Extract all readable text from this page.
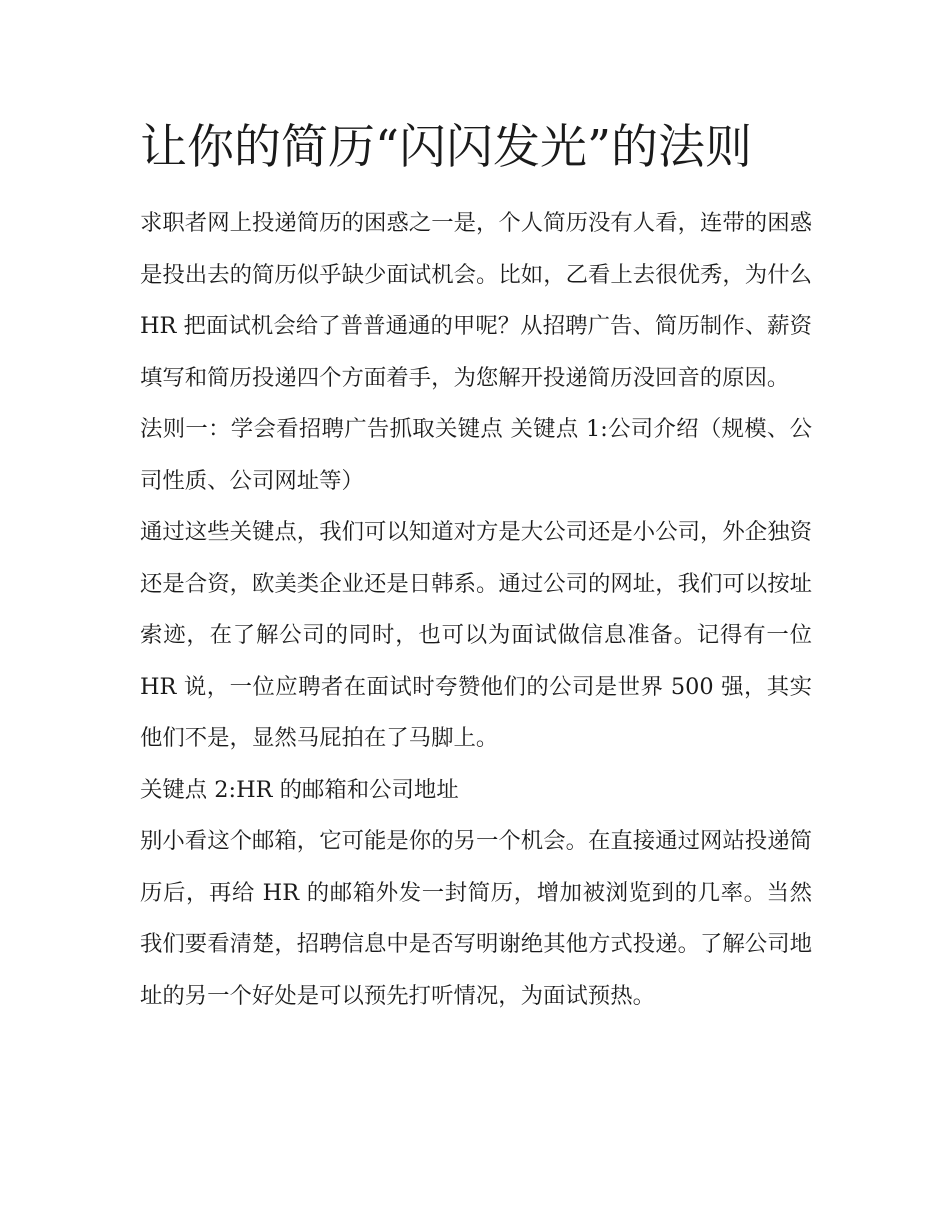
让你的简历“闪闪发光”的法则

求职者网上投递简历的困惑之一是，个人简历没有人看，连带的困惑是投出去的简历似乎缺少面试机会。比如，乙看上去很优秀，为什么 HR 把面试机会给了普普通通的甲呢？从招聘广告、简历制作、薪资填写和简历投递四个方面着手，为您解开投递简历没回音的原因。

法则一：学会看招聘广告抓取关键点 关键点 1:公司介绍（规模、公司性质、公司网址等）

通过这些关键点，我们可以知道对方是大公司还是小公司，外企独资还是合资，欧美类企业还是日韩系。通过公司的网址，我们可以按址索迹，在了解公司的同时，也可以为面试做信息准备。记得有一位 HR 说，一位应聘者在面试时夸赞他们的公司是世界 500 强，其实他们不是，显然马屁拍在了马脚上。

关键点 2:HR 的邮箱和公司地址

别小看这个邮箱，它可能是你的另一个机会。在直接通过网站投递简历后，再给 HR 的邮箱外发一封简历，增加被浏览到的几率。当然我们要看清楚，招聘信息中是否写明谢绝其他方式投递。了解公司地址的另一个好处是可以预先打听情况，为面试预热。
